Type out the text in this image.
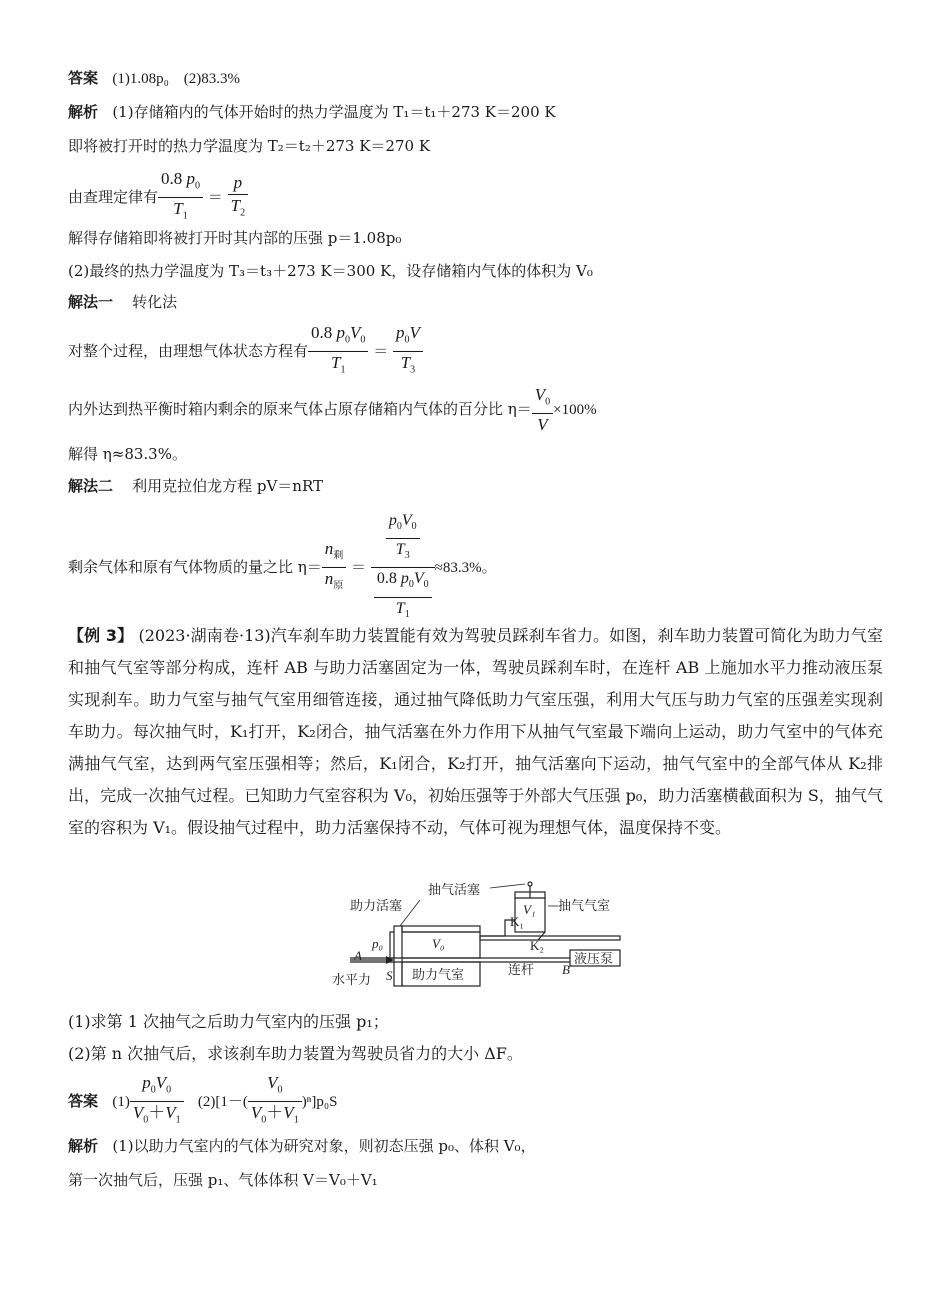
答案 (1)1.08p₀　(2)83.3%
解析 (1)存储箱内的气体开始时的热力学温度为 T₁＝t₁＋273 K＝200 K
即将被打开时的热力学温度为 T₂＝t₂＋273 K＝270 K
由查理定律有 $\frac{0.8 p_0}{T_1} = \frac{p}{T_2}$
解得存储箱即将被打开时其内部的压强 p＝1.08p₀
(2)最终的热力学温度为 T₃＝t₃＋273 K＝300 K，设存储箱内气体的体积为 V₀
解法一 转化法
对整个过程，由理想气体状态方程有 $\frac{0.8 p_0V_0}{T_1} = \frac{p_0V}{T_3}$
内外达到热平衡时箱内剩余的原来气体占原存储箱内气体的百分比 $\eta= \frac{V_0}{V} \times 100\%$
解得 η≈83.3%。
解法二 利用克拉伯龙方程 pV＝nRT
剩余气体和原有气体物质的量之比 $\eta= \frac{n_剩}{n_原} = \frac{\frac{p_0V_0}{T_3}}{\frac{0.8 p_0V_0}{T_1}} \approx 83.3\%$。
【例 3】 (2023·湖南卷·13)汽车刹车助力装置能有效为驾驶员踩刹车省力。如图，刹车助力装置可简化为助力气室和抽气气室等部分构成，连杆 AB 与助力活塞固定为一体，驾驶员踩刹车时，在连杆 AB 上施加水平力推动液压泵实现刹车。助力气室与抽气气室用细管连接，通过抽气降低助力气室压强，利用大气压与助力气室的压强差实现刹车助力。每次抽气时，K₁打开，K₂闭合，抽气活塞在外力作用下从抽气气室最下端向上运动，助力气室中的气体充满抽气气室，达到两气室压强相等；然后，K₁闭合，K₂打开，抽气活塞向下运动，抽气气室中的全部气体从 K₂排出，完成一次抽气过程。已知助力气室容积为 V₀，初始压强等于外部大气压强 p₀，助力活塞横截面积为 S，抽气气室的容积为 V₁。假设抽气过程中，助力活塞保持不动，气体可视为理想气体，温度保持不变。
抽气活塞
助力活塞	抽气气室
V₁
K₁
K₂
V₀
p₀
A
B
S
液压泵
助力气室	连杆
水平力
(1)求第 1 次抽气之后助力气室内的压强 p₁；
(2)第 n 次抽气后，求该刹车助力装置为驾驶员省力的大小 ΔF。
答案 $(1) \frac{p_0V_0}{V_0+V_1} (2)[1-( \frac{V_0}{V_0+V_1} )^n]p_0S$
解析 (1)以助力气室内的气体为研究对象，则初态压强 p₀、体积 V₀，
第一次抽气后，压强 p₁、气体体积 V＝V₀＋V₁
